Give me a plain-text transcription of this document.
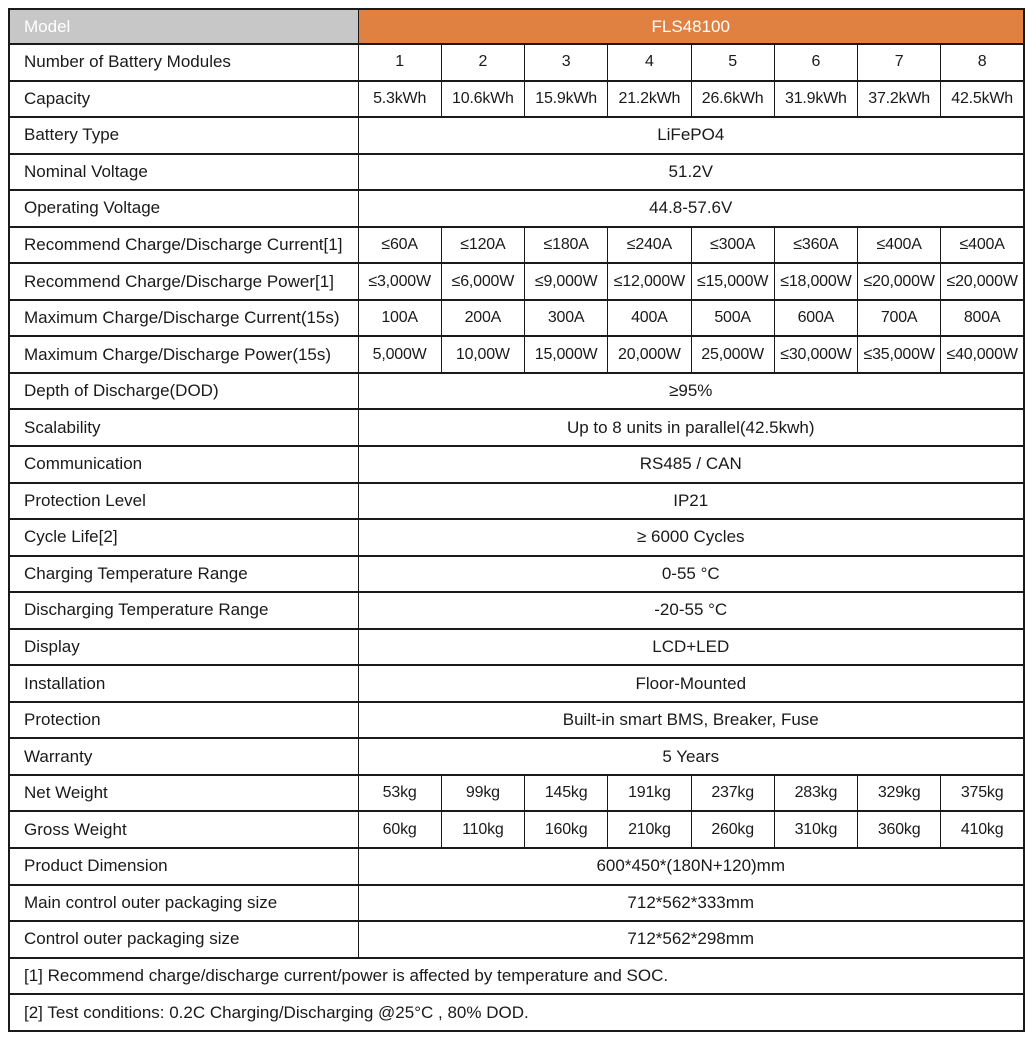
Model	FLS48100							
Number of Battery Modules	1	2	3	4	5	6	7	8
Capacity	5.3kWh	10.6kWh	15.9kWh	21.2kWh	26.6kWh	31.9kWh	37.2kWh	42.5kWh
Battery Type	LiFePO4							
Nominal Voltage	51.2V							
Operating Voltage	44.8-57.6V							
Recommend Charge/Discharge Current[1]	≤60A	≤120A	≤180A	≤240A	≤300A	≤360A	≤400A	≤400A
Recommend Charge/Discharge Power[1]	≤3,000W	≤6,000W	≤9,000W	≤12,000W	≤15,000W	≤18,000W	≤20,000W	≤20,000W
Maximum Charge/Discharge Current(15s)	100A	200A	300A	400A	500A	600A	700A	800A
Maximum Charge/Discharge Power(15s)	5,000W	10,00W	15,000W	20,000W	25,000W	≤30,000W	≤35,000W	≤40,000W
Depth of Discharge(DOD)	≥95%							
Scalability	Up to 8 units in parallel(42.5kwh)							
Communication	RS485 / CAN							
Protection Level	IP21							
Cycle Life[2]	≥ 6000 Cycles							
Charging Temperature Range	0-55 °C							
Discharging Temperature Range	-20-55 °C							
Display	LCD+LED							
Installation	Floor-Mounted							
Protection	Built-in smart BMS, Breaker, Fuse							
Warranty	5 Years							
Net Weight	53kg	99kg	145kg	191kg	237kg	283kg	329kg	375kg
Gross Weight	60kg	110kg	160kg	210kg	260kg	310kg	360kg	410kg
Product Dimension	600*450*(180N+120)mm							
Main control outer packaging size	712*562*333mm							
Control outer packaging size	712*562*298mm							
[1] Recommend charge/discharge current/power is affected by temperature and SOC.								
[2] Test conditions: 0.2C Charging/Discharging @25°C , 80% DOD.								
